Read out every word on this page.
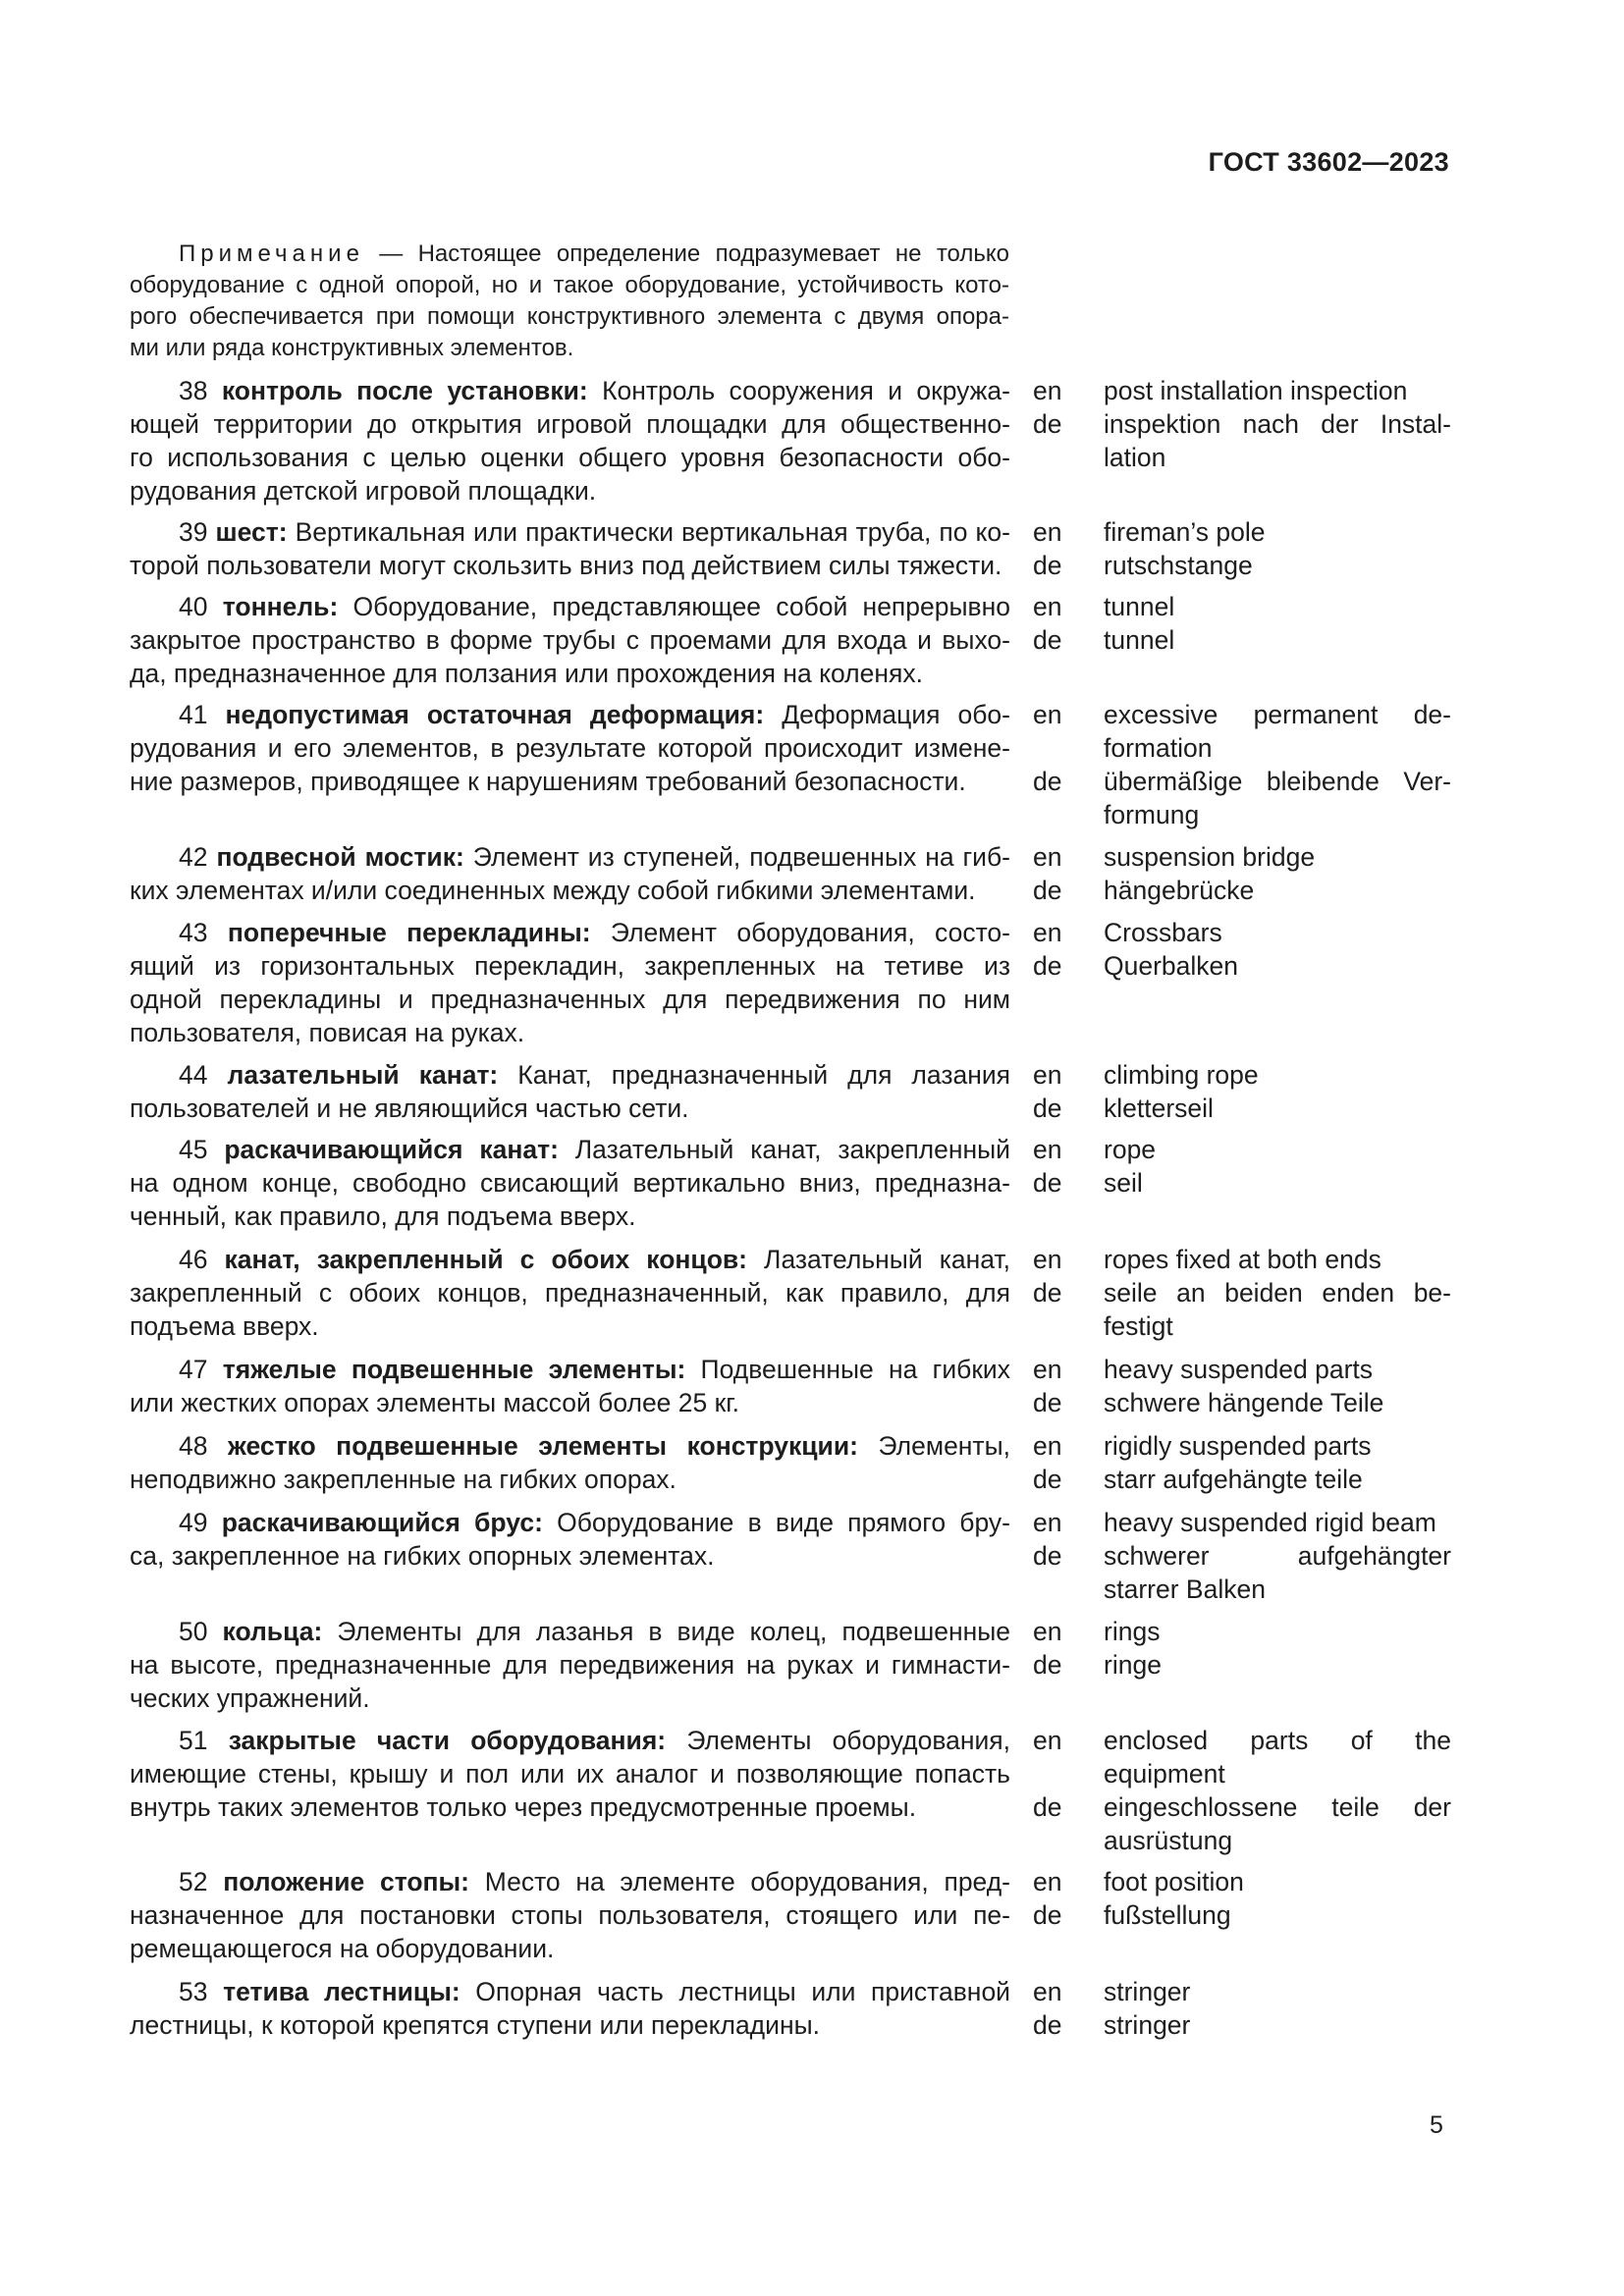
ГОСТ 33602—2023
Примечание — Настоящее определение подразумевает не только
оборудование с одной опорой, но и такое оборудование, устойчивость кото-
рого обеспечивается при помощи конструктивного элемента с двумя опора-
ми или ряда конструктивных элементов.
38 контроль после установки: Контроль сооружения и окружа-
ющей территории до открытия игровой площадки для общественно-
го использования с целью оценки общего уровня безопасности обо-
рудования детской игровой площадки.
en	post installation inspection
de	inspektion nach der Instal-
lation
39 шест: Вертикальная или практически вертикальная труба, по ко-
торой пользователи могут скользить вниз под действием силы тяжести.
en	fireman’s pole
de	rutschstange
40 тоннель: Оборудование, представляющее собой непрерывно
закрытое пространство в форме трубы с проемами для входа и выхо-
да, предназначенное для ползания или прохождения на коленях.
en	tunnel
de	tunnel
41 недопустимая остаточная деформация: Деформация обо-
рудования и его элементов, в результате которой происходит измене-
ние размеров, приводящее к нарушениям требований безопасности.
en	excessive permanent de-
formation
de	übermäßige bleibende Ver-
formung
42 подвесной мостик: Элемент из ступеней, подвешенных на гиб-
ких элементах и/или соединенных между собой гибкими элементами.
en	suspension bridge
de	hängebrücke
43 поперечные перекладины: Элемент оборудования, состо-
ящий из горизонтальных перекладин, закрепленных на тетиве из
одной перекладины и предназначенных для передвижения по ним
пользователя, повисая на руках.
en	Crossbars
de	Querbalken
44 лазательный канат: Канат, предназначенный для лазания
пользователей и не являющийся частью сети.
en	climbing rope
de	kletterseil
45 раскачивающийся канат: Лазательный канат, закрепленный
на одном конце, свободно свисающий вертикально вниз, предназна-
ченный, как правило, для подъема вверх.
en	rope
de	seil
46 канат, закрепленный с обоих концов: Лазательный канат,
закрепленный с обоих концов, предназначенный, как правило, для
подъема вверх.
en	ropes fixed at both ends
de	seile an beiden enden be-
festigt
47 тяжелые подвешенные элементы: Подвешенные на гибких
или жестких опорах элементы массой более 25 кг.
en	heavy suspended parts
de	schwere hängende Teile
48 жестко подвешенные элементы конструкции: Элементы,
неподвижно закрепленные на гибких опорах.
en	rigidly suspended parts
de	starr aufgehängte teile
49 раскачивающийся брус: Оборудование в виде прямого бру-
са, закрепленное на гибких опорных элементах.
en	heavy suspended rigid beam
de	schwerer aufgehängter
starrer Balken
50 кольца: Элементы для лазанья в виде колец, подвешенные
на высоте, предназначенные для передвижения на руках и гимнасти-
ческих упражнений.
en	rings
de	ringe
51 закрытые части оборудования: Элементы оборудования,
имеющие стены, крышу и пол или их аналог и позволяющие попасть
внутрь таких элементов только через предусмотренные проемы.
en	enclosed parts of the
equipment
de	eingeschlossene teile der
ausrüstung
52 положение стопы: Место на элементе оборудования, пред-
назначенное для постановки стопы пользователя, стоящего или пе-
ремещающегося на оборудовании.
en	foot position
de	fußstellung
53 тетива лестницы: Опорная часть лестницы или приставной
лестницы, к которой крепятся ступени или перекладины.
en	stringer
de	stringer
5
